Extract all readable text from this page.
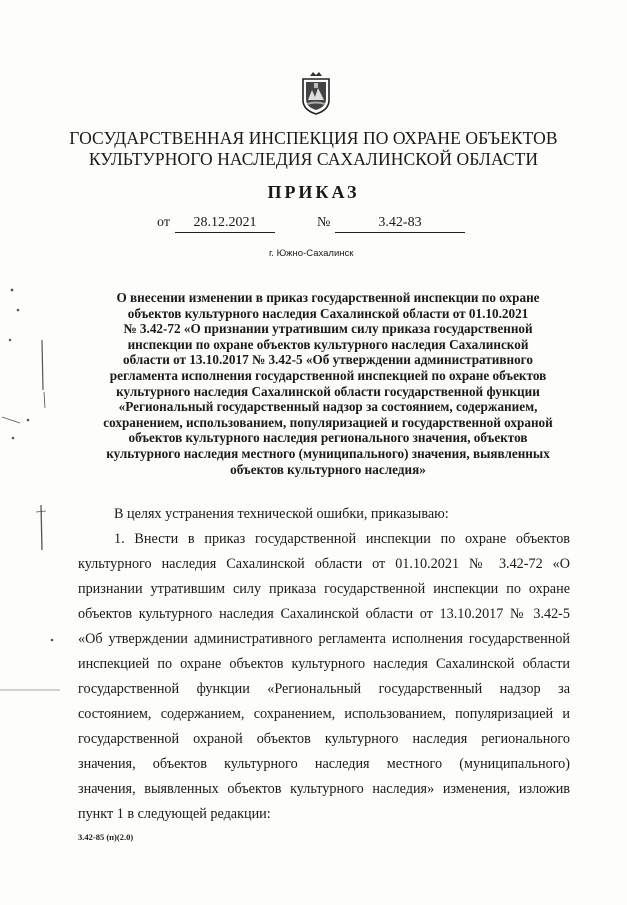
ГОСУДАРСТВЕННАЯ ИНСПЕКЦИЯ ПО ОХРАНЕ ОБЪЕКТОВ
КУЛЬТУРНОГО НАСЛЕДИЯ САХАЛИНСКОЙ ОБЛАСТИ
ПРИКАЗ
от	28.12.2021	№	3.42-83
г. Южно-Сахалинск
О внесении изменении в приказ государственной инспекции по охране
объектов культурного наследия Сахалинской области от 01.10.2021
№ 3.42-72 «О признании утратившим силу приказа государственной
инспекции по охране объектов культурного наследия Сахалинской
области от 13.10.2017 № 3.42-5 «Об утверждении административного
регламента исполнения государственной инспекцией по охране объектов
культурного наследия Сахалинской области государственной функции
«Региональный государственный надзор за состоянием, содержанием,
сохранением, использованием, популяризацией и государственной охраной
объектов культурного наследия регионального значения, объектов
культурного наследия местного (муниципального) значения, выявленных
объектов культурного наследия»
В целях устранения технической ошибки, приказываю:
1. Внести в приказ государственной инспекции по охране объектов
культурного наследия Сахалинской области от 01.10.2021 № 3.42-72 «О
признании утратившим силу приказа государственной инспекции по охране
объектов культурного наследия Сахалинской области от 13.10.2017 № 3.42-5
«Об утверждении административного регламента исполнения государственной
инспекцией по охране объектов культурного наследия Сахалинской области
государственной функции «Региональный государственный надзор за
состоянием, содержанием, сохранением, использованием, популяризацией и
государственной охраной объектов культурного наследия регионального
значения, объектов культурного наследия местного (муниципального)
значения, выявленных объектов культурного наследия» изменения, изложив
пункт 1 в следующей редакции:
3.42-85 (п)(2.0)
